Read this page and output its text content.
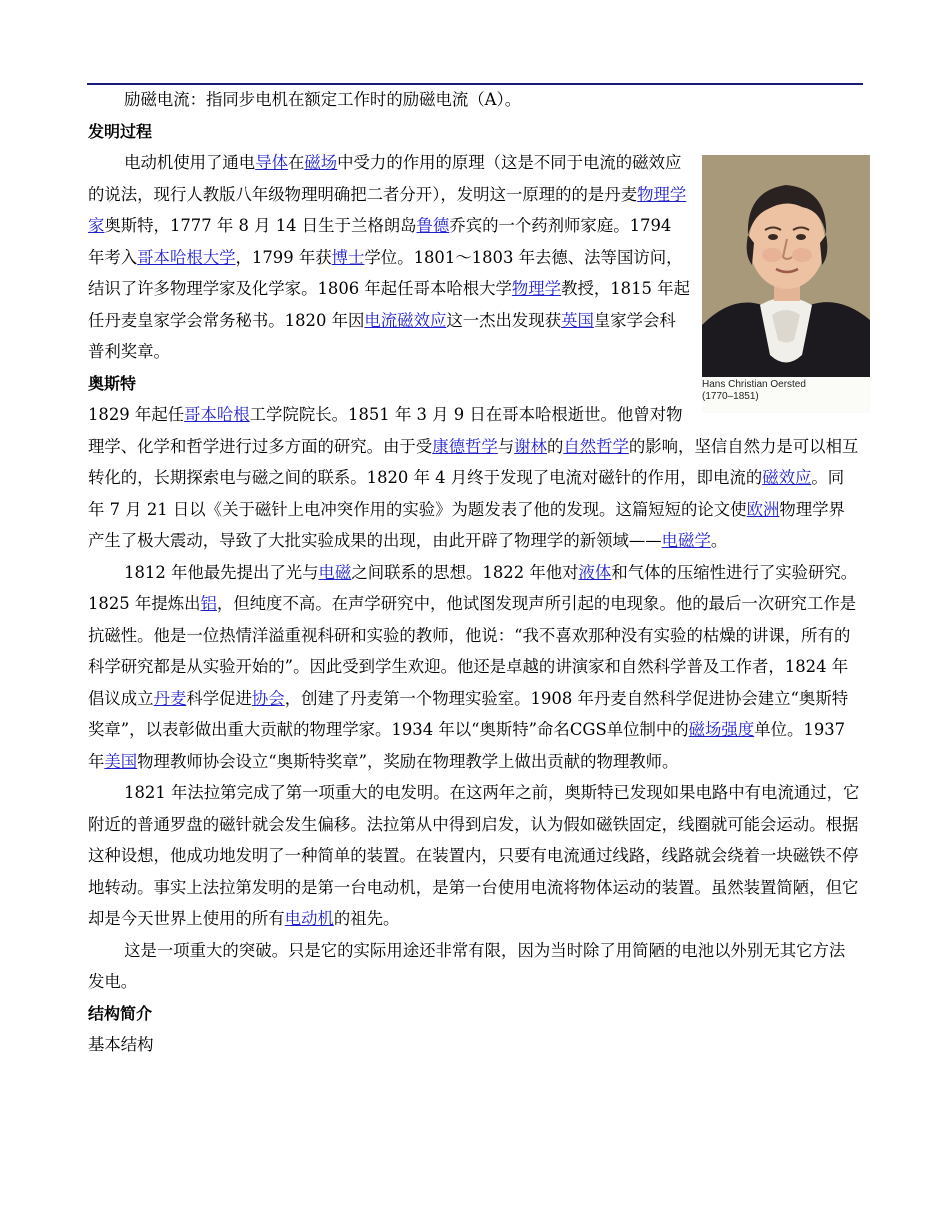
励磁电流：指同步电机在额定工作时的励磁电流（A）。

发明过程

Hans Christian Oersted
(1770–1851)

电动机使用了通电导体在磁场中受力的作用的原理（这是不同于电流的磁效应的说法，现行人教版八年级物理明确把二者分开），发明这一原理的的是丹麦物理学家奥斯特，1777 年 8 月 14 日生于兰格朗岛鲁德乔宾的一个药剂师家庭。1794 年考入哥本哈根大学，1799 年获博士学位。1801～1803 年去德、法等国访问，结识了许多物理学家及化学家。1806 年起任哥本哈根大学物理学教授，1815 年起任丹麦皇家学会常务秘书。1820 年因电流磁效应这一杰出发现获英国皇家学会科普利奖章。

奥斯特

1829 年起任哥本哈根工学院院长。1851 年 3 月 9 日在哥本哈根逝世。他曾对物理学、化学和哲学进行过多方面的研究。由于受康德哲学与谢林的自然哲学的影响，坚信自然力是可以相互转化的，长期探索电与磁之间的联系。1820 年 4 月终于发现了电流对磁针的作用，即电流的磁效应。同年 7 月 21 日以《关于磁针上电冲突作用的实验》为题发表了他的发现。这篇短短的论文使欧洲物理学界产生了极大震动，导致了大批实验成果的出现，由此开辟了物理学的新领域——电磁学。

1812 年他最先提出了光与电磁之间联系的思想。1822 年他对液体和气体的压缩性进行了实验研究。1825 年提炼出铝，但纯度不高。在声学研究中，他试图发现声所引起的电现象。他的最后一次研究工作是抗磁性。他是一位热情洋溢重视科研和实验的教师，他说：“我不喜欢那种没有实验的枯燥的讲课，所有的科学研究都是从实验开始的”。因此受到学生欢迎。他还是卓越的讲演家和自然科学普及工作者，1824 年倡议成立丹麦科学促进协会，创建了丹麦第一个物理实验室。1908 年丹麦自然科学促进协会建立“奥斯特奖章”，以表彰做出重大贡献的物理学家。1934 年以“奥斯特”命名CGS单位制中的磁场强度单位。1937 年美国物理教师协会设立“奥斯特奖章”，奖励在物理教学上做出贡献的物理教师。

1821 年法拉第完成了第一项重大的电发明。在这两年之前，奥斯特已发现如果电路中有电流通过，它附近的普通罗盘的磁针就会发生偏移。法拉第从中得到启发，认为假如磁铁固定，线圈就可能会运动。根据这种设想，他成功地发明了一种简单的装置。在装置内，只要有电流通过线路，线路就会绕着一块磁铁不停地转动。事实上法拉第发明的是第一台电动机，是第一台使用电流将物体运动的装置。虽然装置简陋，但它却是今天世界上使用的所有电动机的祖先。

这是一项重大的突破。只是它的实际用途还非常有限，因为当时除了用简陋的电池以外别无其它方法发电。

结构简介

基本结构
